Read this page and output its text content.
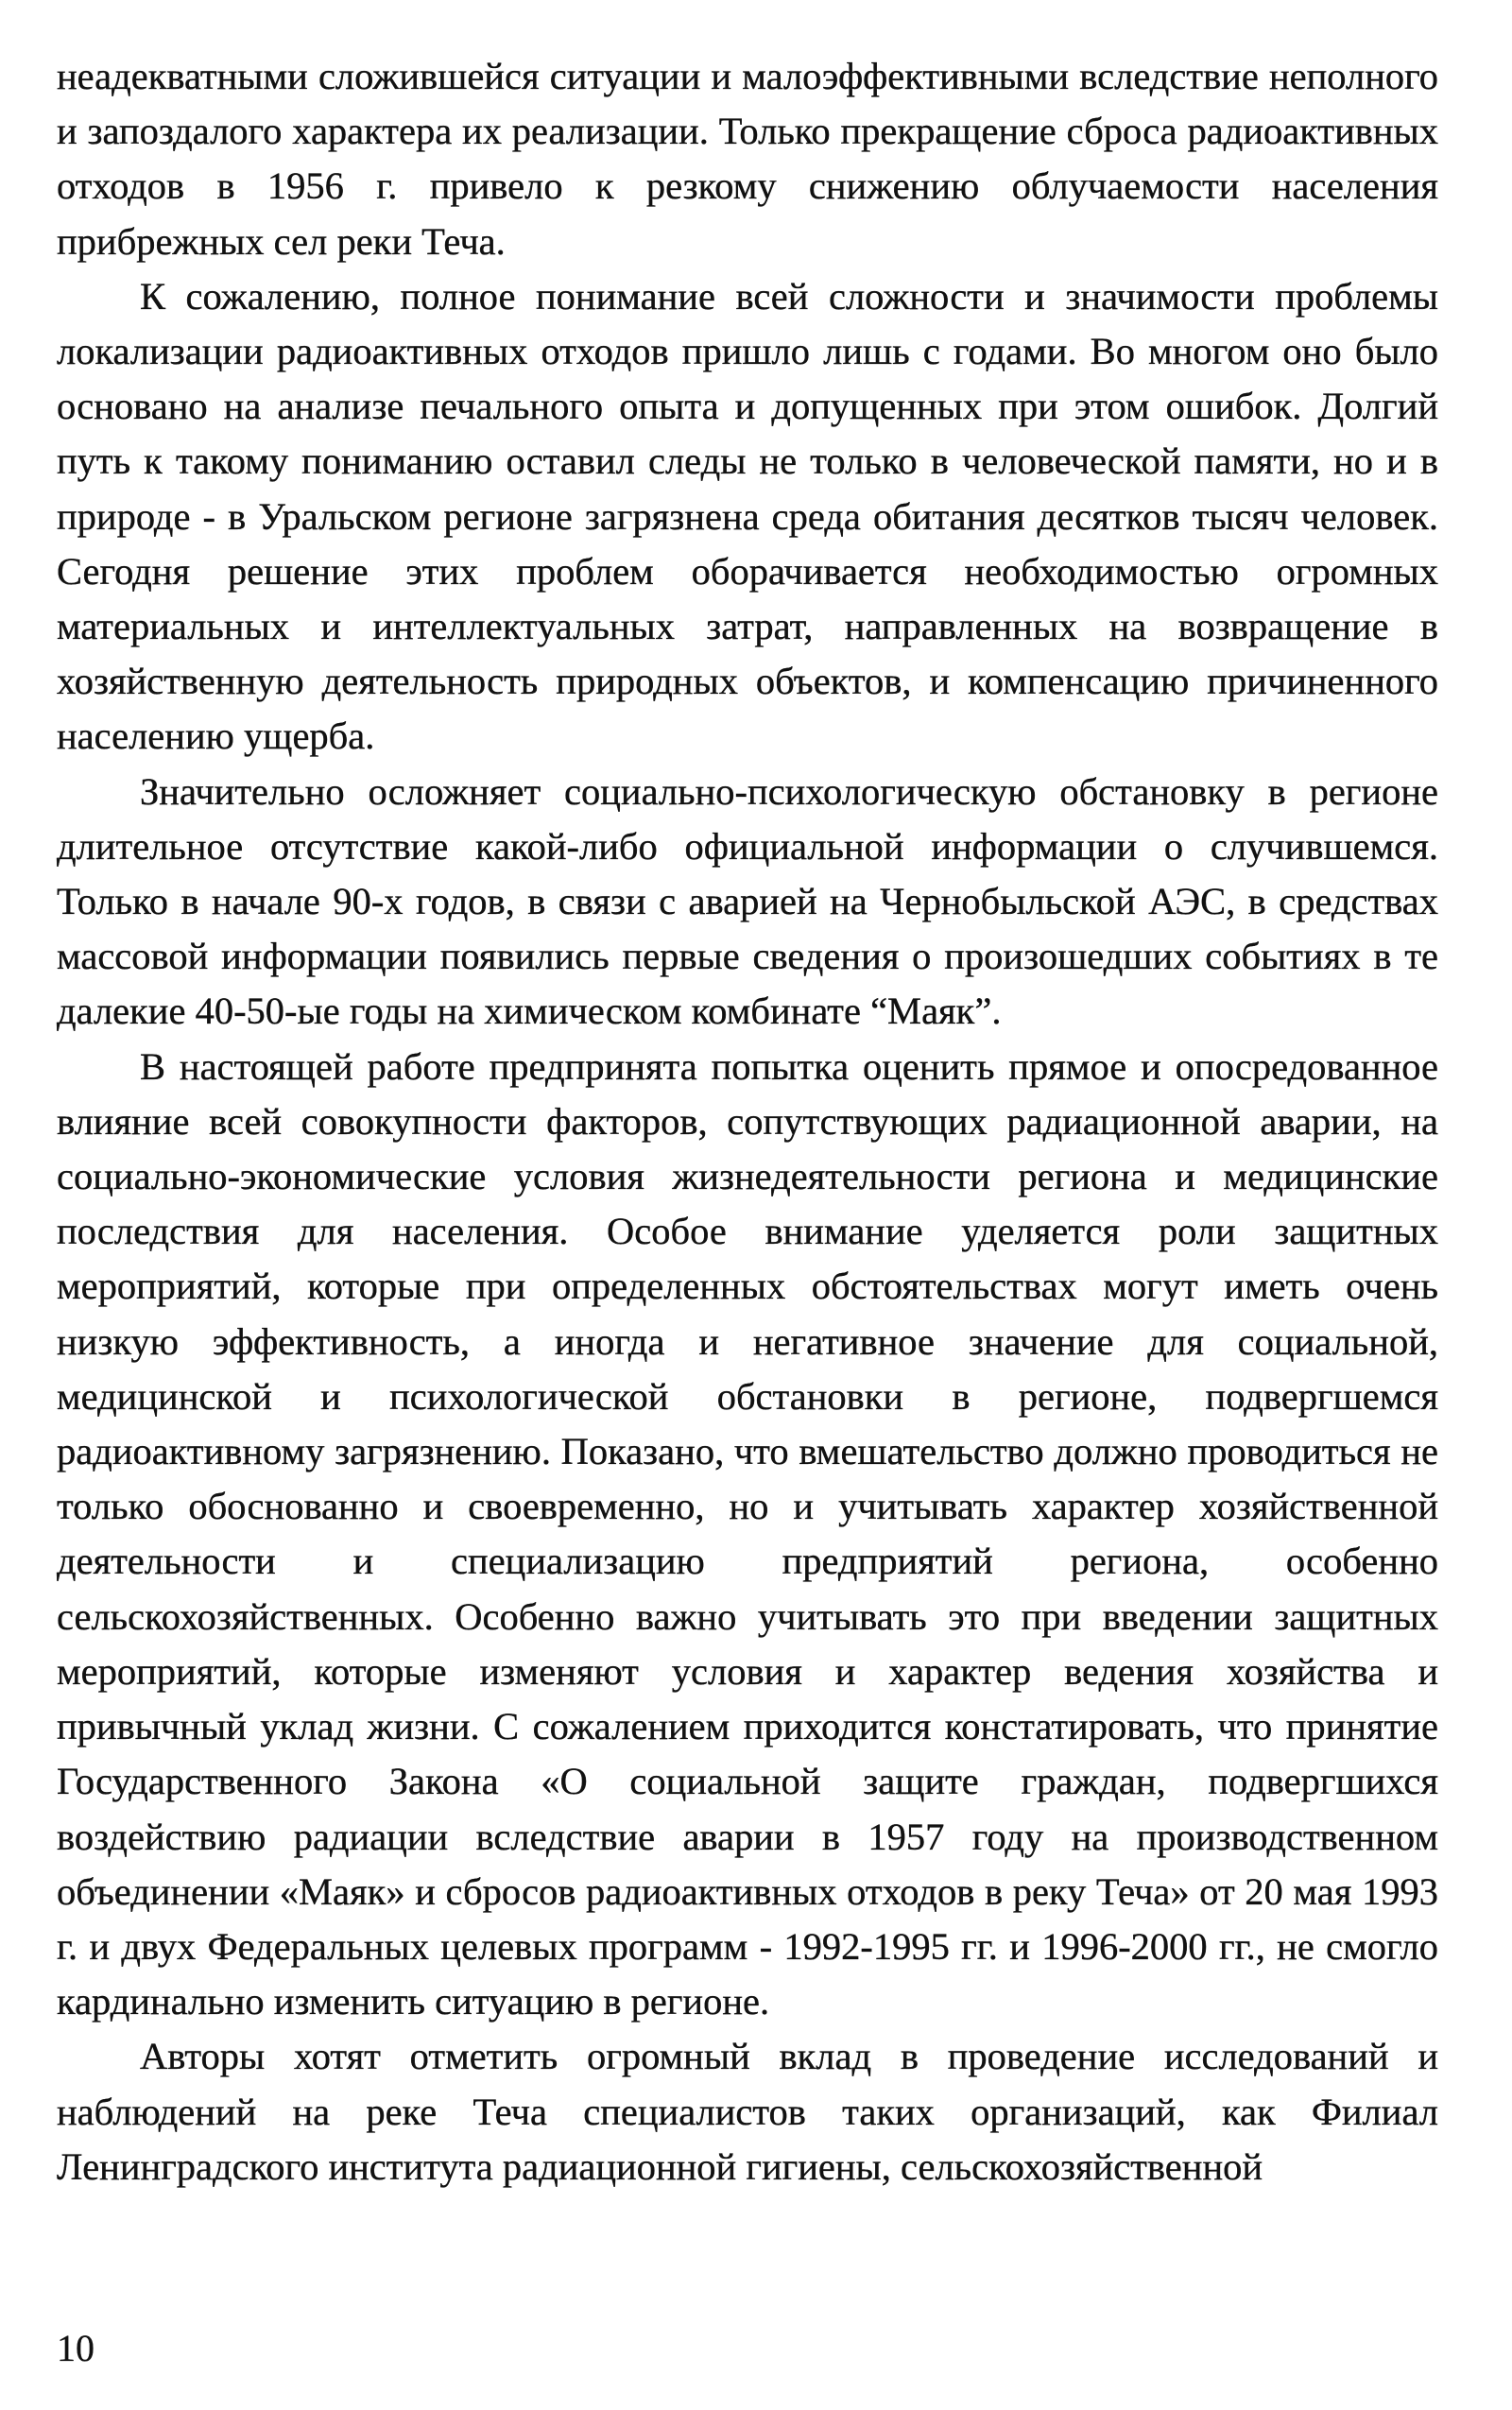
неадекватными сложившейся ситуации и малоэффективными вследствие неполного и запоздалого характера их реализации. Только прекращение сброса радиоактивных отходов в 1956 г. привело к резкому снижению облучаемости населения прибрежных сел реки Теча.

К сожалению, полное понимание всей сложности и значимости проблемы локализации радиоактивных отходов пришло лишь с годами. Во многом оно было основано на анализе печального опыта и допущенных при этом ошибок. Долгий путь к такому пониманию оставил следы не только в человеческой памяти, но и в природе - в Уральском регионе загрязнена среда обитания десятков тысяч человек. Сегодня решение этих проблем оборачивается необходимостью огромных материальных и интеллектуальных затрат, направленных на возвращение в хозяйственную деятельность природных объектов, и компенсацию причиненного населению ущерба.

Значительно осложняет социально-психологическую обстановку в регионе длительное отсутствие какой-либо официальной информации о случившемся. Только в начале 90-х годов, в связи с аварией на Чернобыльской АЭС, в средствах массовой информации появились первые сведения о произошедших событиях в те далекие 40-50-ые годы на химическом комбинате “Маяк”.

В настоящей работе предпринята попытка оценить прямое и опосредованное влияние всей совокупности факторов, сопутствующих радиационной аварии, на социально-экономические условия жизнедеятельности региона и медицинские последствия для населения. Особое внимание уделяется роли защитных мероприятий, которые при определенных обстоятельствах могут иметь очень низкую эффективность, а иногда и негативное значение для социальной, медицинской и психологической обстановки в регионе, подвергшемся радиоактивному загрязнению. Показано, что вмешательство должно проводиться не только обоснованно и своевременно, но и учитывать характер хозяйственной деятельности и специализацию предприятий региона, особенно сельскохозяйственных. Особенно важно учитывать это при введении защитных мероприятий, которые изменяют условия и характер ведения хозяйства и привычный уклад жизни. С сожалением приходится констатировать, что принятие Государственного Закона «О социальной защите граждан, подвергшихся воздействию радиации вследствие аварии в 1957 году на производственном объединении «Маяк» и сбросов радиоактивных отходов в реку Теча» от 20 мая 1993 г. и двух Федеральных целевых программ - 1992-1995 гг. и 1996-2000 гг., не смогло кардинально изменить ситуацию в регионе.

Авторы хотят отметить огромный вклад в проведение исследований и наблюдений на реке Теча специалистов таких организаций, как Филиал Ленинградского института радиационной гигиены, сельскохозяйственной

10
